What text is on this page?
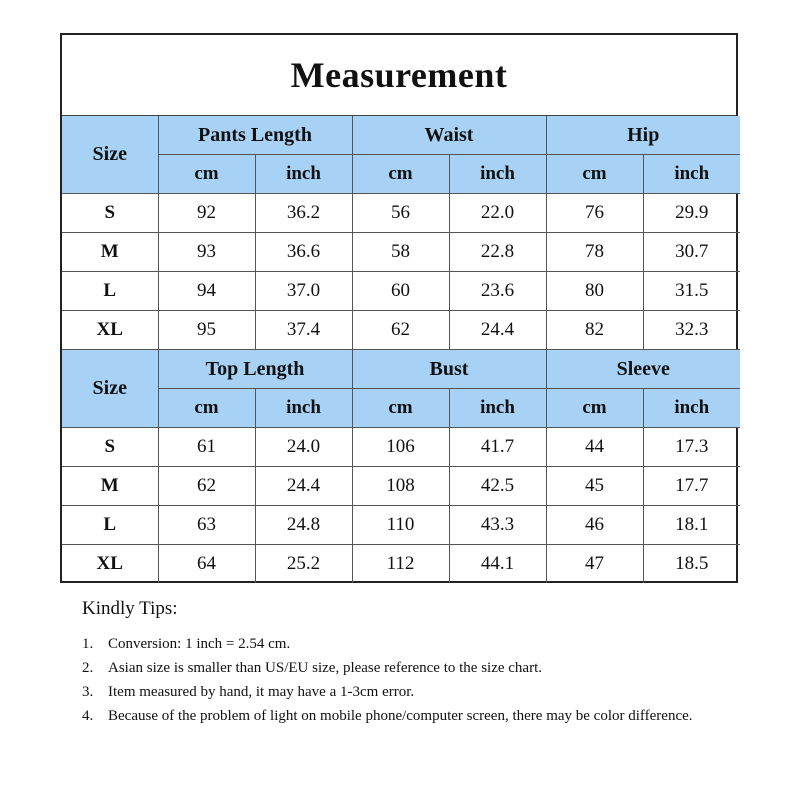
Measurement
Size	Pants Length		Waist		Hip	
	cm	inch	cm	inch	cm	inch
S	92	36.2	56	22.0	76	29.9
M	93	36.6	58	22.8	78	30.7
L	94	37.0	60	23.6	80	31.5
XL	95	37.4	62	24.4	82	32.3
Size	Top Length		Bust		Sleeve	
	cm	inch	cm	inch	cm	inch
S	61	24.0	106	41.7	44	17.3
M	62	24.4	108	42.5	45	17.7
L	63	24.8	110	43.3	46	18.1
XL	64	25.2	112	44.1	47	18.5
Kindly Tips:
1. Conversion: 1 inch = 2.54 cm.
2. Asian size is smaller than US/EU size, please reference to the size chart.
3. Item measured by hand, it may have a 1-3cm error.
4. Because of the problem of light on mobile phone/computer screen, there may be color difference.
